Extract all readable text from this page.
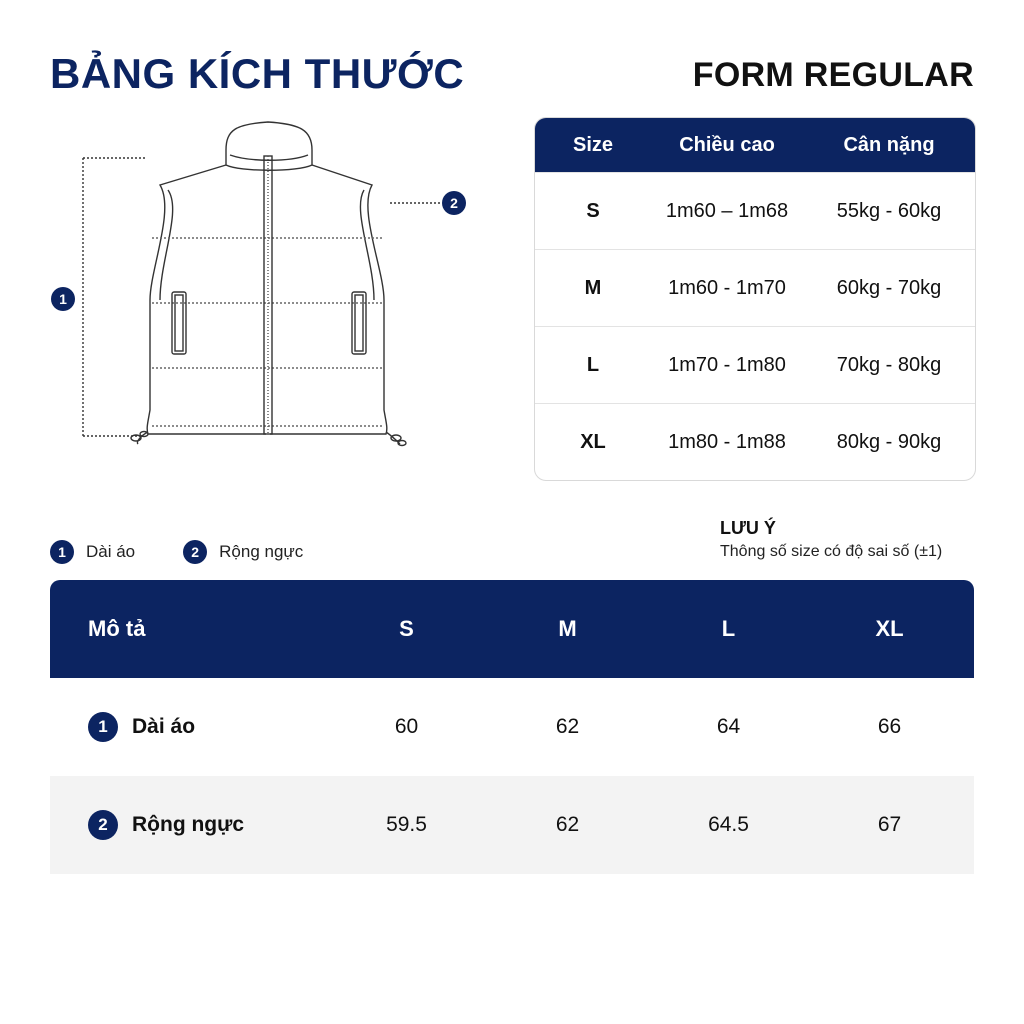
BẢNG KÍCH THƯỚC	FORM REGULAR
1
2
Size	Chiều cao	Cân nặng
S	1m60 – 1m68	55kg - 60kg
M	1m60 - 1m70	60kg - 70kg
L	1m70 - 1m80	70kg - 80kg
XL	1m80 - 1m88	80kg - 90kg
1	Dài áo	2	Rộng ngực

LƯU Ý

Thông số size có độ sai số (±1)

Mô tả	S	M	L	XL
1	Dài áo	60	62	64	66
2	Rộng ngực	59.5	62	64.5	67
